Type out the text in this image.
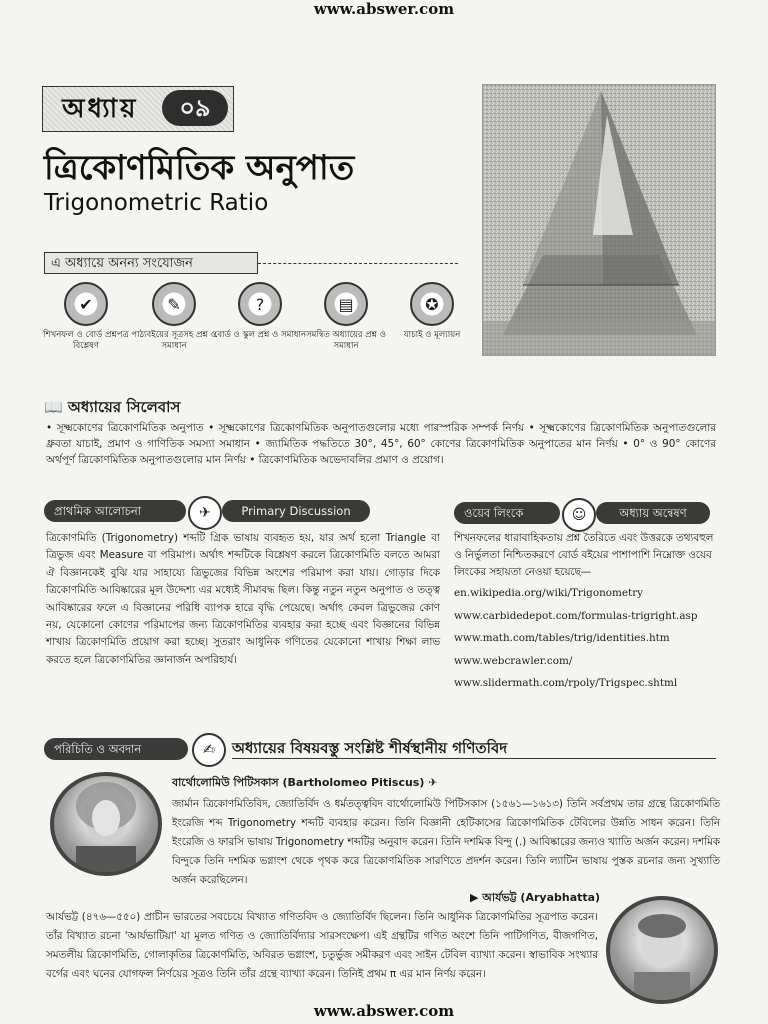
www.abswer.com
অধ্যায়	০৯
ত্রিকোণমিতিক অনুপাত
Trigonometric Ratio
এ অধ্যায়ে অনন্য সংযোজন
✔
শিখনফল ও বোর্ড প্রশ্নপত্র বিশ্লেষণ
✎
পাঠ্যবইয়ের সূত্রসহ প্রশ্ন ও সমাধান
?
বোর্ড ও স্কুল প্রশ্ন ও সমাধান
▤
সমন্বিত অধ্যায়ের প্রশ্ন ও সমাধান
✪
যাচাই ও মূল্যায়ন
📖 অধ্যায়ের সিলেবাস
• সূক্ষ্মকোণের ত্রিকোণমিতিক অনুপাত • সূক্ষ্মকোণের ত্রিকোণমিতিক অনুপাতগুলোর মধ্যে পারস্পরিক সম্পর্ক নির্ণয় • সূক্ষ্মকোণের ত্রিকোণমিতিক অনুপাতগুলোর ধ্রুবতা যাচাই, প্রমাণ ও গাণিতিক সমস্যা সমাধান • জ্যামিতিক পদ্ধতিতে 30°, 45°, 60° কোণের ত্রিকোণমিতিক অনুপাতের মান নির্ণয় • 0° ও 90° কোণের অর্থপূর্ণ ত্রিকোণমিতিক অনুপাতগুলোর মান নির্ণয় • ত্রিকোণমিতিক অভেদাবলির প্রমাণ ও প্রয়োগ।
প্রাথমিক আলোচনা	✈	Primary Discussion
ত্রিকোণমিতি (Trigonometry) শব্দটি গ্রিক ভাষায় ব্যবহৃত হয়, যার অর্থ হলো Triangle বা ত্রিভুজ এবং Measure বা পরিমাপ। অর্থাৎ শব্দটিকে বিশ্লেষণ করলে ত্রিকোণমিতি বলতে আমরা ঐ বিজ্ঞানকেই বুঝি যার সাহায্যে ত্রিভুজের বিভিন্ন অংশের পরিমাপ করা যায়। গোড়ার দিকে ত্রিকোণমিতি আবিষ্কারের মূল উদ্দেশ্য এর মধ্যেই সীমাবদ্ধ ছিল। কিন্তু নতুন নতুন অনুপাত ও তত্ত্ব আবিষ্কারের ফলে এ বিজ্ঞানের পরিধি ব্যাপক হারে বৃদ্ধি পেয়েছে। অর্থাৎ কেবল ত্রিভুজের কোণ নয়, যেকোনো কোণের পরিমাপের জন্য ত্রিকোণমিতির ব্যবহার করা হচ্ছে এবং বিজ্ঞানের বিভিন্ন শাখায় ত্রিকোণমিতি প্রয়োগ করা হচ্ছে। সুতরাং আধুনিক গণিতের যেকোনো শাখায় শিক্ষা লাভ করতে হলে ত্রিকোণমিতির জ্ঞানার্জন অপরিহার্য।
ওয়েব লিংকে	☺	অধ্যায় অন্বেষণ
শিখনফলের ধারাবাহিকতায় প্রশ্ন তৈরিতে এবং উত্তরকে তথ্যবহুল ও নির্ভুলতা নিশ্চিতকরণে বোর্ড বইয়ের পাশাপাশি নিম্নোক্ত ওয়েব লিংকের সহায়তা নেওয়া হয়েছে—
en.wikipedia.org/wiki/Trigonometry
www.carbidedepot.com/formulas-trigright.asp
www.math.com/tables/trig/identities.htm
www.webcrawler.com/
www.slidermath.com/rpoly/Trigspec.shtml
পরিচিতি ও অবদান	✍	অধ্যায়ের বিষয়বস্তু সংশ্লিষ্ট শীর্ষস্থানীয় গণিতবিদ
বার্থোলোমিউ পিটিসকাস (Bartholomeo Pitiscus) ✈
জার্মান ত্রিকোণমিতিবিদ, জ্যোতির্বিদ ও ধর্মতত্ত্ববিদ বার্থোলোমিউ পিটিসকাস (১৫৬১—১৬১৩) তিনি সর্বপ্রথম তার গ্রন্থে ত্রিকোণমিতি ইংরেজি শব্দ Trigonometry শব্দটি ব্যবহার করেন। তিনি বিজ্ঞানী হেটিকাসের ত্রিকোণমিতিক টেবিলের উন্নতি সাধন করেন। তিনি ইংরেজি ও ফারসি ভাষায় Trigonometry শব্দটির অনুবাদ করেন। তিনি দশমিক বিন্দু (.) আবিষ্কারের জন্যও খ্যাতি অর্জন করেন। দশমিক বিন্দুকে তিনি দশমিক ভগ্নাংশ থেকে পৃথক করে ত্রিকোণমিতিক সারণিতে প্রদর্শন করেন। তিনি ল্যাটিন ভাষায় পুস্তক রচনার জন্য সুখ্যাতি অর্জন করেছিলেন।
▶ আর্যভট্ট (Aryabhatta)
আর্যভট্ট (৪৭৬—৫৫০) প্রাচীন ভারতের সবচেয়ে বিখ্যাত গণিতবিদ ও জ্যোতির্বিদ ছিলেন। তিনি আধুনিক ত্রিকোণমিতির সূত্রপাত করেন। তাঁর বিখ্যাত রচনা 'আর্যভাটিয়া' যা মূলত গণিত ও জ্যোতির্বিদ্যার সারসংক্ষেপ। এই গ্রন্থটির গণিত অংশে তিনি পাটিগণিত, বীজগণিত, সমতলীয় ত্রিকোণমিতি, গোলাকৃতির ত্রিকোণমিতি, অবিরত ভগ্নাংশ, চতুর্ভুজ সমীকরণ এবং সাইন টেবিল ব্যাখ্যা করেন। স্বাভাবিক সংখ্যার বর্গের এবং ঘনের যোগফল নির্ণয়ের সূত্রও তিনি তাঁর গ্রন্থে ব্যাখ্যা করেন। তিনিই প্রথম π এর মান নির্ণয় করেন।
www.abswer.com
